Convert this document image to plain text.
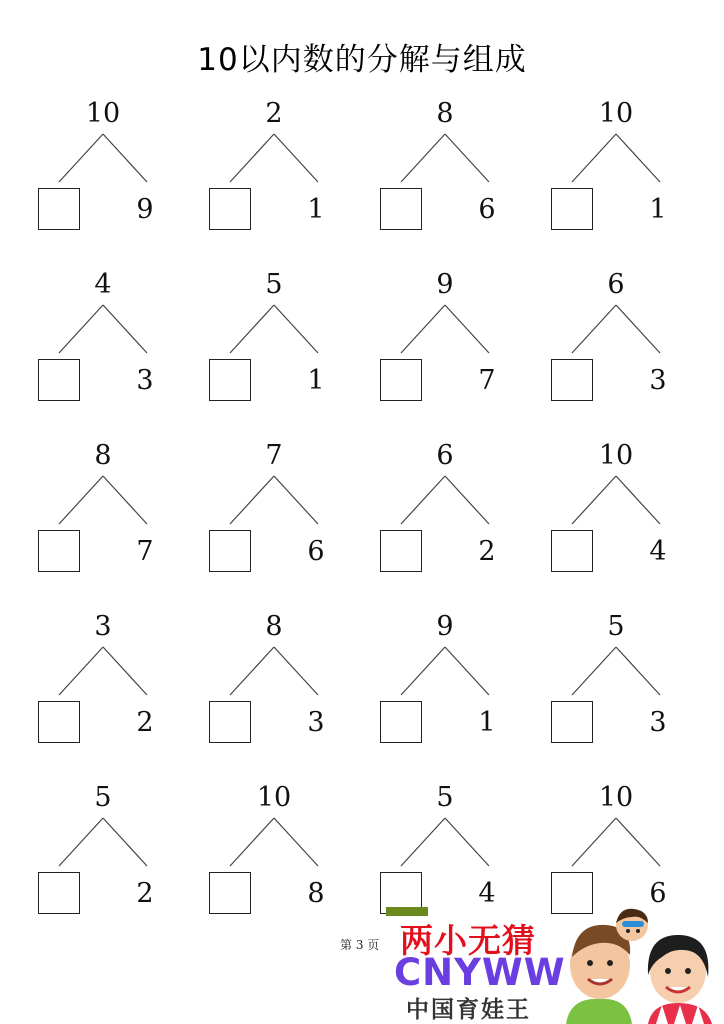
10以内数的分解与组成
10
9
2
1
8
6
10
1
4
3
5
1
9
7
6
3
8
7
7
6
6
2
10
4
3
2
8
3
9
1
5
3
5
2
10
8
5
4
10
6
第 3 页 两小无猜
CNYWW
中国育娃王
